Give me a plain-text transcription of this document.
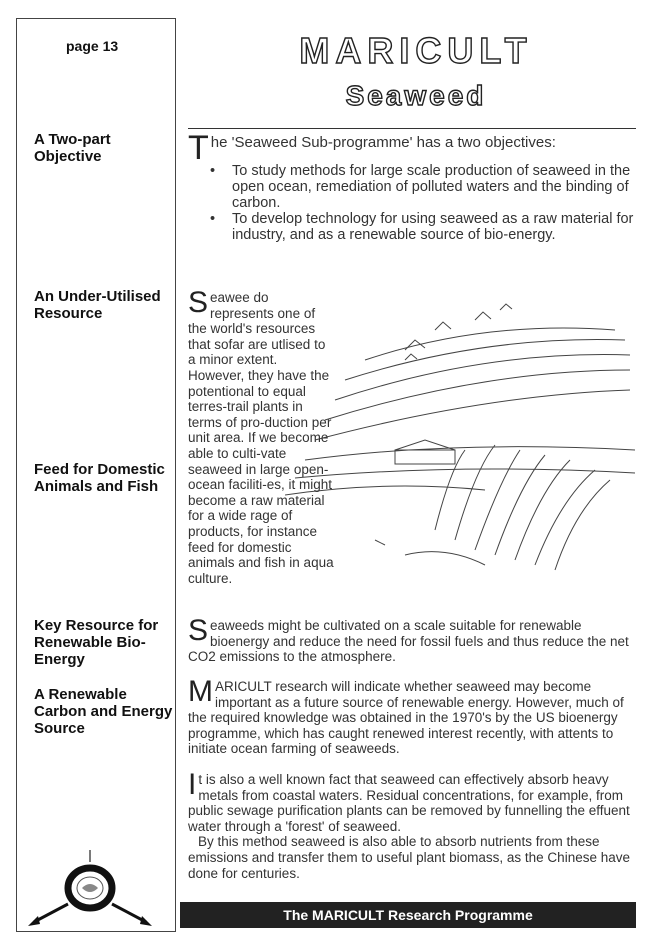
page 13
A Two-part Objective
An Under-Utilised Resource
Feed for Domestic Animals and Fish
Key Resource for Renewable Bio-Energy
A Renewable Carbon and Energy Source
MARICULT
Seaweed
The 'Seaweed Sub-programme' has a two objectives:
• To study methods for large scale production of seaweed in the open ocean, remediation of polluted waters and the binding of carbon.
• To develop technology for using seaweed as a raw material for industry, and as a renewable source of bio-energy.
Seawee do represents one of the world's resources that sofar are utlised to a minor extent. However, they have the potentional to equal terres-trail plants in terms of pro-duction per unit area. If we become able to culti-vate seaweed in large open-ocean faciliti-es, it might become a raw material for a wide rage of products, for instance feed for domestic animals and fish in aqua culture.
Seaweeds might be cultivated on a scale suitable for renewable bioenergy and reduce the need for fossil fuels and thus reduce the net CO2 emissions to the atmosphere.
MARICULT research will indicate whether seaweed may become important as a future source of renewable energy. However, much of the required knowledge was obtained in the 1970's by the US bioenergy programme, which has caught renewed interest recently, with attents to initiate ocean farming of seaweeds.
It is also a well known fact that seaweed can effectively absorb heavy metals from coastal waters. Residual concentrations, for example, from public sewage purification plants can be removed by funnelling the effuent water through a 'forest' of seaweed.
By this method seaweed is also able to absorb nutrients from these emissions and transfer them to useful plant biomass, as the Chinese have done for centuries.
The MARICULT Research Programme
